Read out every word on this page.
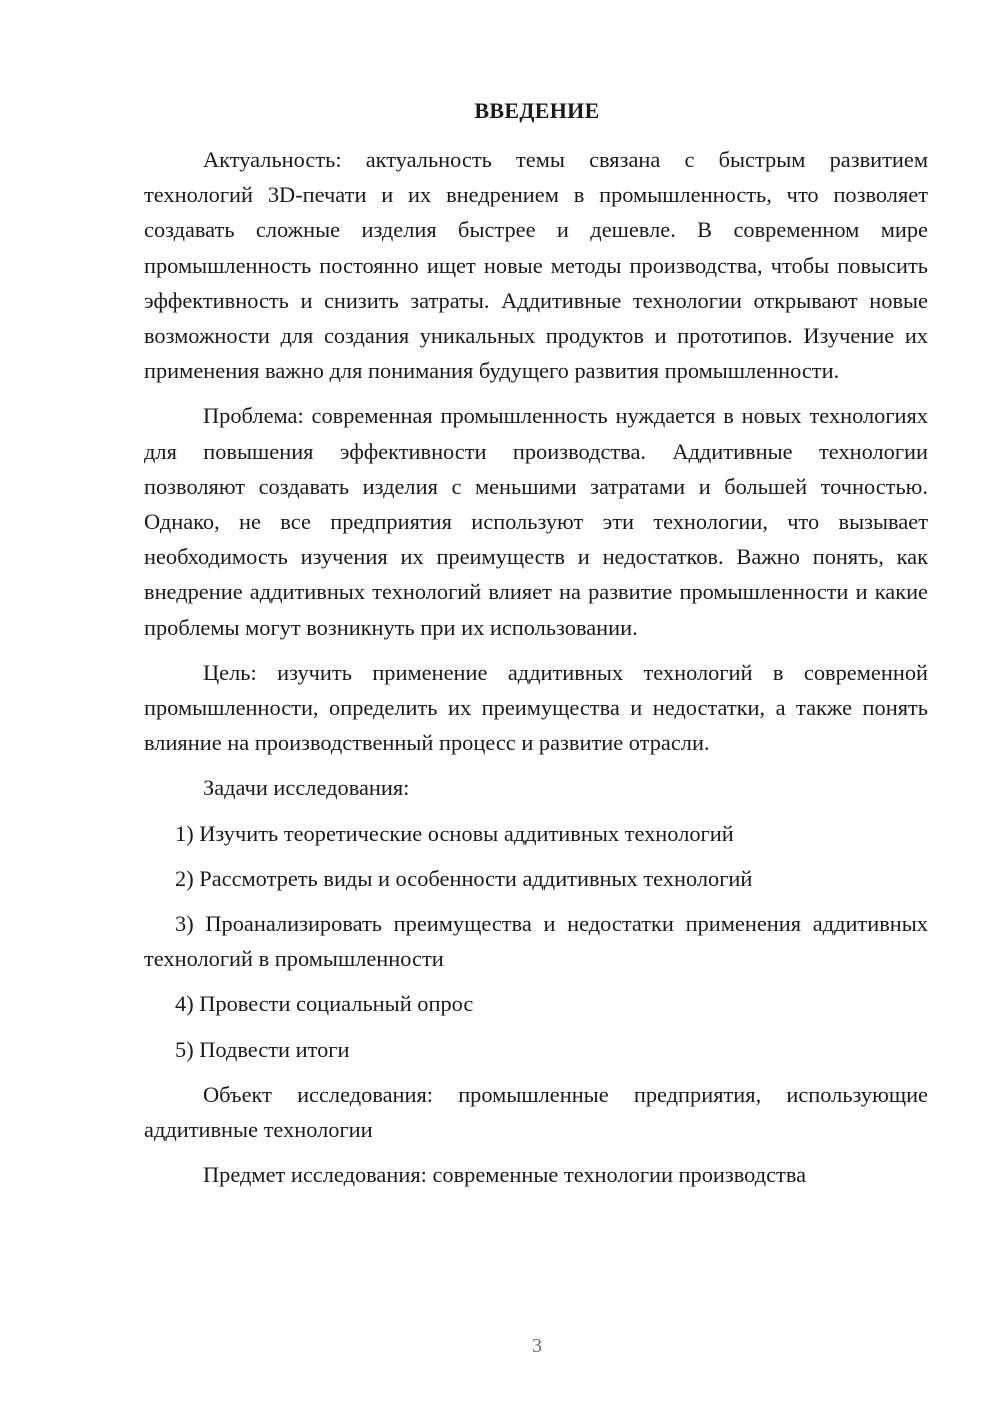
ВВЕДЕНИЕ

Актуальность: актуальность темы связана с быстрым развитием технологий 3D-печати и их внедрением в промышленность, что позволяет создавать сложные изделия быстрее и дешевле. В современном мире промышленность постоянно ищет новые методы производства, чтобы повысить эффективность и снизить затраты. Аддитивные технологии открывают новые возможности для создания уникальных продуктов и прототипов. Изучение их применения важно для понимания будущего развития промышленности.

Проблема: современная промышленность нуждается в новых технологиях для повышения эффективности производства. Аддитивные технологии позволяют создавать изделия с меньшими затратами и большей точностью. Однако, не все предприятия используют эти технологии, что вызывает необходимость изучения их преимуществ и недостатков. Важно понять, как внедрение аддитивных технологий влияет на развитие промышленности и какие проблемы могут возникнуть при их использовании.

Цель: изучить применение аддитивных технологий в современной промышленности, определить их преимущества и недостатки, а также понять влияние на производственный процесс и развитие отрасли.

Задачи исследования:

1) Изучить теоретические основы аддитивных технологий

2) Рассмотреть виды и особенности аддитивных технологий

3) Проанализировать преимущества и недостатки применения аддитивных технологий в промышленности

4) Провести социальный опрос

5) Подвести итоги

Объект исследования: промышленные предприятия, использующие аддитивные технологии

Предмет исследования: современные технологии производства

3
